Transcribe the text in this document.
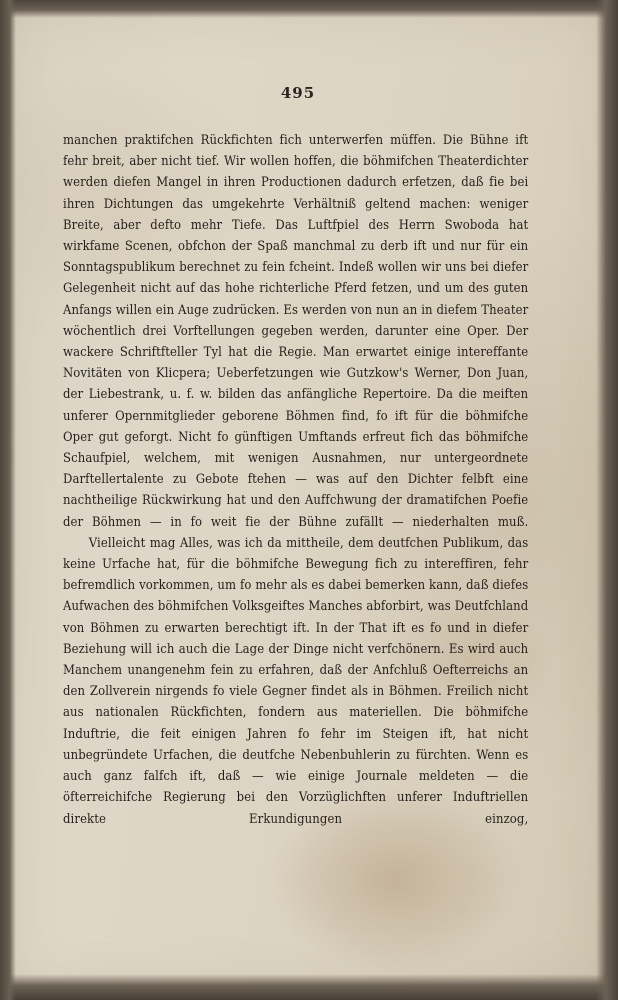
495

manchen praktifchen Rückfichten fich unterwerfen müffen. Die Bühne ift fehr breit, aber nicht tief. Wir wollen hoffen, die böhmifchen Theaterdichter werden diefen Mangel in ihren Productionen dadurch erfetzen, daß fie bei ihren Dichtungen das umgekehrte Verhältniß geltend machen: weniger Breite, aber defto mehr Tiefe. Das Luftfpiel des Herrn Swoboda hat wirkfame Scenen, obfchon der Spaß manchmal zu derb ift und nur für ein Sonntagspublikum berechnet zu fein fcheint. Indeß wollen wir uns bei diefer Gelegenheit nicht auf das hohe richterliche Pferd fetzen, und um des guten Anfangs willen ein Auge zudrücken. Es werden von nun an in diefem Theater wöchentlich drei Vorftellungen gegeben werden, darunter eine Oper. Der wackere Schriftfteller Tyl hat die Regie. Man erwartet einige intereffante Novitäten von Klicpera; Ueberfetzungen wie Gutzkow's Werner, Don Juan, der Liebestrank, u. f. w. bilden das anfängliche Repertoire. Da die meiften unferer Opernmitglieder geborene Böhmen find, fo ift für die böhmifche Oper gut geforgt. Nicht fo günftigen Umftands erfreut fich das böhmifche Schaufpiel, welchem, mit wenigen Ausnahmen, nur untergeordnete Darftellertalente zu Gebote ftehen — was auf den Dichter felbft eine nachtheilige Rückwirkung hat und den Auffchwung der dramatifchen Poefie der Böhmen — in fo weit fie der Bühne zufällt — niederhalten muß.

Vielleicht mag Alles, was ich da mittheile, dem deutfchen Publikum, das keine Urfache hat, für die böhmifche Bewegung fich zu intereffiren, fehr befremdlich vorkommen, um fo mehr als es dabei bemerken kann, daß diefes Aufwachen des böhmifchen Volksgeiftes Manches abforbirt, was Deutfchland von Böhmen zu erwarten berechtigt ift. In der That ift es fo und in diefer Beziehung will ich auch die Lage der Dinge nicht verfchönern. Es wird auch Manchem unangenehm fein zu erfahren, daß der Anfchluß Oefterreichs an den Zollverein nirgends fo viele Gegner findet als in Böhmen. Freilich nicht aus nationalen Rückfichten, fondern aus materiellen. Die böhmifche Induftrie, die feit einigen Jahren fo fehr im Steigen ift, hat nicht unbegründete Urfachen, die deutfche Nebenbuhlerin zu fürchten. Wenn es auch ganz falfch ift, daß — wie einige Journale meldeten — die öfterreichifche Regierung bei den Vorzüglichften unferer Induftriellen direkte Erkundigungen einzog,
